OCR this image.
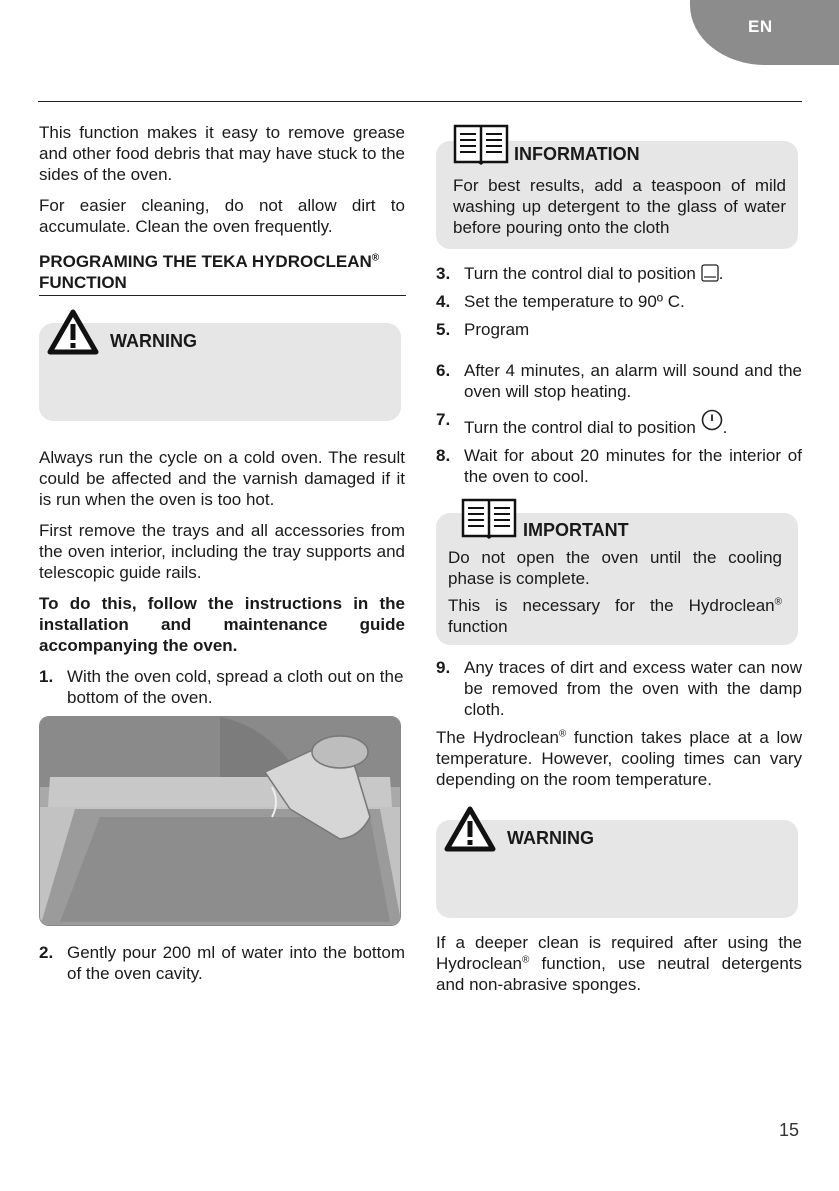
EN

This function makes it easy to remove grease and other food debris that may have stuck to the sides of the oven.

For easier cleaning, do not allow dirt to accumulate. Clean the oven frequently.

PROGRAMING THE TEKA HYDROCLEAN®
FUNCTION
WARNING

Always run the cycle on a cold oven. The result could be affected and the varnish damaged if it is run when the oven is too hot.

First remove the trays and all accessories from the oven interior, including the tray supports and telescopic guide rails.

To do this, follow the instructions in the installation and maintenance guide accompanying the oven.

1. With the oven cold, spread a cloth out on the bottom of the oven.
2. Gently pour 200 ml of water into the bottom of the oven cavity.
INFORMATION
For best results, add a teaspoon of mild washing up detergent to the glass of water before pouring onto the cloth
3. Turn the control dial to position .
4. Set the temperature to 90º C.
5. Program
6. After 4 minutes, an alarm will sound and the oven will stop heating.
7. Turn the control dial to position .
8. Wait for about 20 minutes for the interior of the oven to cool.
IMPORTANT
Do not open the oven until the cooling phase is complete.
This is necessary for the Hydroclean® function
9. Any traces of dirt and excess water can now be removed from the oven with the damp cloth.

The Hydroclean® function takes place at a low temperature. However, cooling times can vary depending on the room temperature.

WARNING

If a deeper clean is required after using the Hydroclean® function, use neutral detergents and non-abrasive sponges.

15
